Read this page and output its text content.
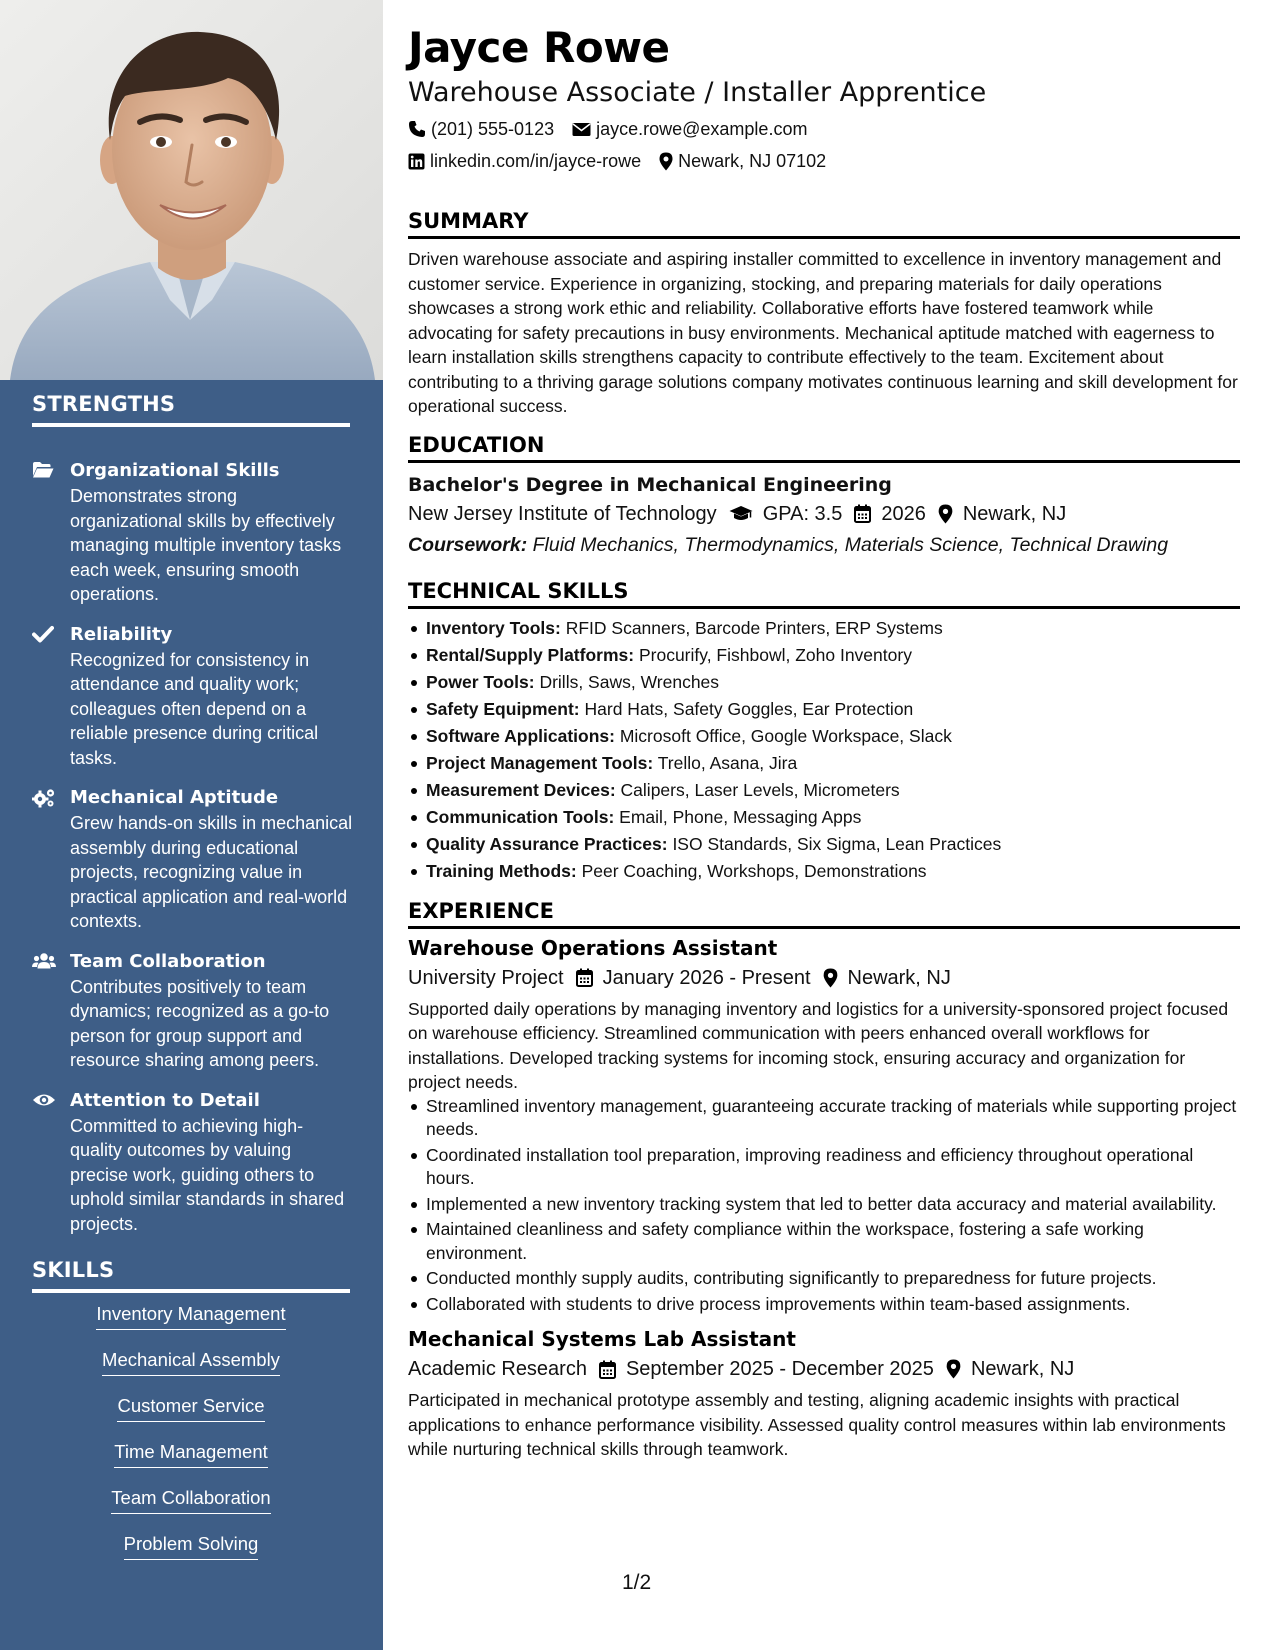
STRENGTHS
Organizational Skills
Demonstrates strong organizational skills by effectively managing multiple inventory tasks each week, ensuring smooth operations.
Reliability
Recognized for consistency in attendance and quality work; colleagues often depend on a reliable presence during critical tasks.
Mechanical Aptitude
Grew hands-on skills in mechanical assembly during educational projects, recognizing value in practical application and real-world contexts.
Team Collaboration
Contributes positively to team dynamics; recognized as a go-to person for group support and resource sharing among peers.
Attention to Detail
Committed to achieving high-quality outcomes by valuing precise work, guiding others to uphold similar standards in shared projects.
SKILLS
Inventory Management
Mechanical Assembly
Customer Service
Time Management
Team Collaboration
Problem Solving
Jayce Rowe
Warehouse Associate / Installer Apprentice
(201) 555-0123 jayce.rowe@example.com
linkedin.com/in/jayce-rowe Newark, NJ 07102
SUMMARY

Driven warehouse associate and aspiring installer committed to excellence in inventory management and customer service. Experience in organizing, stocking, and preparing materials for daily operations showcases a strong work ethic and reliability. Collaborative efforts have fostered teamwork while advocating for safety precautions in busy environments. Mechanical aptitude matched with eagerness to learn installation skills strengthens capacity to contribute effectively to the team. Excitement about contributing to a thriving garage solutions company motivates continuous learning and skill development for operational success.

EDUCATION
Bachelor's Degree in Mechanical Engineering
New Jersey Institute of Technology GPA: 3.5 2026 Newark, NJ
Coursework: Fluid Mechanics, Thermodynamics, Materials Science, Technical Drawing
TECHNICAL SKILLS
Inventory Tools: RFID Scanners, Barcode Printers, ERP Systems
Rental/Supply Platforms: Procurify, Fishbowl, Zoho Inventory
Power Tools: Drills, Saws, Wrenches
Safety Equipment: Hard Hats, Safety Goggles, Ear Protection
Software Applications: Microsoft Office, Google Workspace, Slack
Project Management Tools: Trello, Asana, Jira
Measurement Devices: Calipers, Laser Levels, Micrometers
Communication Tools: Email, Phone, Messaging Apps
Quality Assurance Practices: ISO Standards, Six Sigma, Lean Practices
Training Methods: Peer Coaching, Workshops, Demonstrations
EXPERIENCE
Warehouse Operations Assistant
University Project January 2026 - Present Newark, NJ

Supported daily operations by managing inventory and logistics for a university-sponsored project focused on warehouse efficiency. Streamlined communication with peers enhanced overall workflows for installations. Developed tracking systems for incoming stock, ensuring accuracy and organization for project needs.

Streamlined inventory management, guaranteeing accurate tracking of materials while supporting project needs.
Coordinated installation tool preparation, improving readiness and efficiency throughout operational hours.
Implemented a new inventory tracking system that led to better data accuracy and material availability.
Maintained cleanliness and safety compliance within the workspace, fostering a safe working environment.
Conducted monthly supply audits, contributing significantly to preparedness for future projects.
Collaborated with students to drive process improvements within team-based assignments.
Mechanical Systems Lab Assistant
Academic Research September 2025 - December 2025 Newark, NJ

Participated in mechanical prototype assembly and testing, aligning academic insights with practical applications to enhance performance visibility. Assessed quality control measures within lab environments while nurturing technical skills through teamwork.

1/2
